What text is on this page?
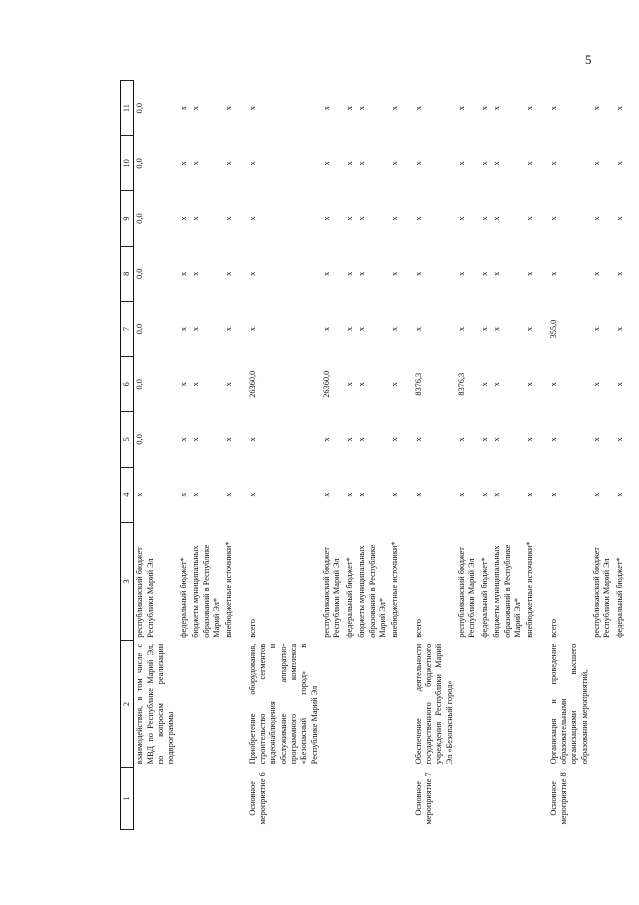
5
1	2	3	4	5	6	7	8	9	10	11
	взаимодействия, в том числе с МВД по Республике Марий Эл, по вопросам реализации подпрограммы	республиканский бюджет Республики Марий Эл	х	0,0	0,0	0,0	0,0	0,0	0,0	0,0
		федеральный бюджет*	х	х	х	х	х	х	х	х
		бюджеты муниципальных образований в Республике Марий Эл*	х	х	х	х	х	х	х	х
		внебюджетные источники*	х	х	х	х	х	х	х	х
Основное мероприятие 6	Приобретение оборудования, строительство сегментов видеонаблюдения и обслуживание аппаратно-программного комплекса «Безопасный город» в Республике Марий Эл	всего	х	х	26360,0	х	х	х	х	х
		республиканский бюджет Республики Марий Эл	х	х	26360,0	х	х	х	х	х
		федеральный бюджет*	х	х	х	х	х	х	х	х
		бюджеты муниципальных образований в Республике Марий Эл*	х	х	х	х	х	х	х	х
		внебюджетные источники*	х	х	х	х	х	х	х	х
Основное мероприятие 7	Обеспечение деятельности государственного бюджетного учреждения Республики Марий Эл «Безопасный город»	всего	х	х	8376,3	х	х	х	х	х
		республиканский бюджет Республики Марий Эл	х	х	8376,3	х	х	х	х	х
		федеральный бюджет*	х	х	х	х	х	х	х	х
		бюджеты муниципальных образований в Республике Марий Эл*	х	х	х	х	х	х	х	х
		внебюджетные источники*	х	х	х	х	х	х	х	х
Основное мероприятие 8	Организация и проведение образовательными организациями высшего образования мероприятий,	всего	х	х	х	355,0	х	х	х	х
		республиканский бюджет Республики Марий Эл	х	х	х	х	х	х	х	х
		федеральный бюджет*	х	х	х	х	х	х	х	х
